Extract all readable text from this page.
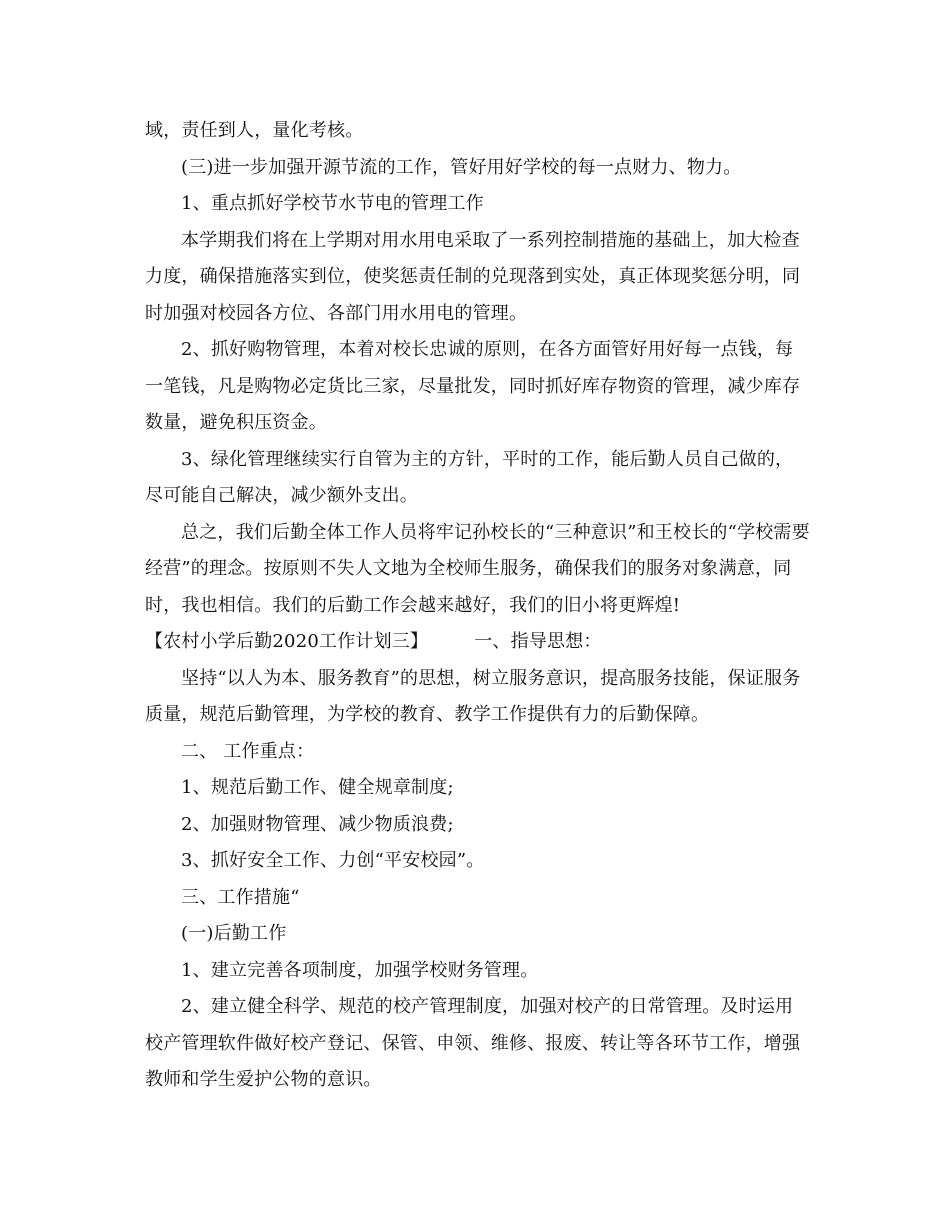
域，责任到人，量化考核。

(三)进一步加强开源节流的工作，管好用好学校的每一点财力、物力。

1、重点抓好学校节水节电的管理工作

本学期我们将在上学期对用水用电采取了一系列控制措施的基础上，加大检查力度，确保措施落实到位，使奖惩责任制的兑现落到实处，真正体现奖惩分明，同时加强对校园各方位、各部门用水用电的管理。

2、抓好购物管理，本着对校长忠诚的原则，在各方面管好用好每一点钱，每一笔钱，凡是购物必定货比三家，尽量批发，同时抓好库存物资的管理，减少库存数量，避免积压资金。

3、绿化管理继续实行自管为主的方针，平时的工作，能后勤人员自己做的，尽可能自己解决，减少额外支出。

总之，我们后勤全体工作人员将牢记孙校长的“三种意识”和王校长的“学校需要经营”的理念。按原则不失人文地为全校师生服务，确保我们的服务对象满意，同时，我也相信。我们的后勤工作会越来越好，我们的旧小将更辉煌!

【农村小学后勤2020工作计划三】	一、指导思想：

坚持“以人为本、服务教育”的思想，树立服务意识，提高服务技能，保证服务质量，规范后勤管理，为学校的教育、教学工作提供有力的后勤保障。

二、 工作重点：

1、规范后勤工作、健全规章制度;

2、加强财物管理、减少物质浪费;

3、抓好安全工作、力创“平安校园”。

三、工作措施“

(一)后勤工作

1、建立完善各项制度，加强学校财务管理。

2、建立健全科学、规范的校产管理制度，加强对校产的日常管理。及时运用校产管理软件做好校产登记、保管、申领、维修、报废、转让等各环节工作，增强教师和学生爱护公物的意识。
